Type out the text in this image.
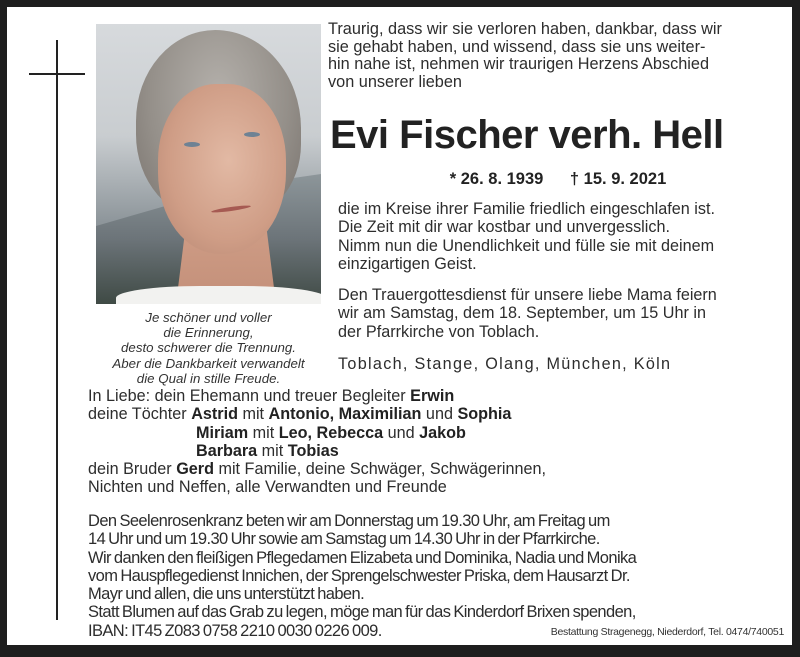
Je schöner und voller
die Erinnerung,
desto schwerer die Trennung.
Aber die Dankbarkeit verwandelt
die Qual in stille Freude.
Traurig, dass wir sie verloren haben, dankbar, dass wir
sie gehabt haben, und wissend, dass sie uns weiter-
hin nahe ist, nehmen wir traurigen Herzens Abschied
von unserer lieben
Evi Fischer verh. Hell
* 26. 8. 1939 † 15. 9. 2021
die im Kreise ihrer Familie friedlich eingeschlafen ist.
Die Zeit mit dir war kostbar und unvergesslich.
Nimm nun die Unendlichkeit und fülle sie mit deinem
einzigartigen Geist.
Den Trauergottesdienst für unsere liebe Mama feiern
wir am Samstag, dem 18. September, um 15 Uhr in
der Pfarrkirche von Toblach.
Toblach, Stange, Olang, München, Köln
In Liebe: dein Ehemann und treuer Begleiter Erwin
deine Töchter Astrid mit Antonio, Maximilian und Sophia
Miriam mit Leo, Rebecca und Jakob
Barbara mit Tobias
dein Bruder Gerd mit Familie, deine Schwäger, Schwägerinnen,
Nichten und Neffen, alle Verwandten und Freunde
Den Seelenrosenkranz beten wir am Donnerstag um 19.30 Uhr, am Freitag um
14 Uhr und um 19.30 Uhr sowie am Samstag um 14.30 Uhr in der Pfarrkirche.
Wir danken den fleißigen Pflegedamen Elizabeta und Dominika, Nadia und Monika
vom Hauspflegedienst Innichen, der Sprengelschwester Priska, dem Hausarzt Dr.
Mayr und allen, die uns unterstützt haben.
Statt Blumen auf das Grab zu legen, möge man für das Kinderdorf Brixen spenden,
IBAN: IT45 Z083 0758 2210 0030 0226 009.	Bestattung Stragenegg, Niederdorf, Tel. 0474/740051
